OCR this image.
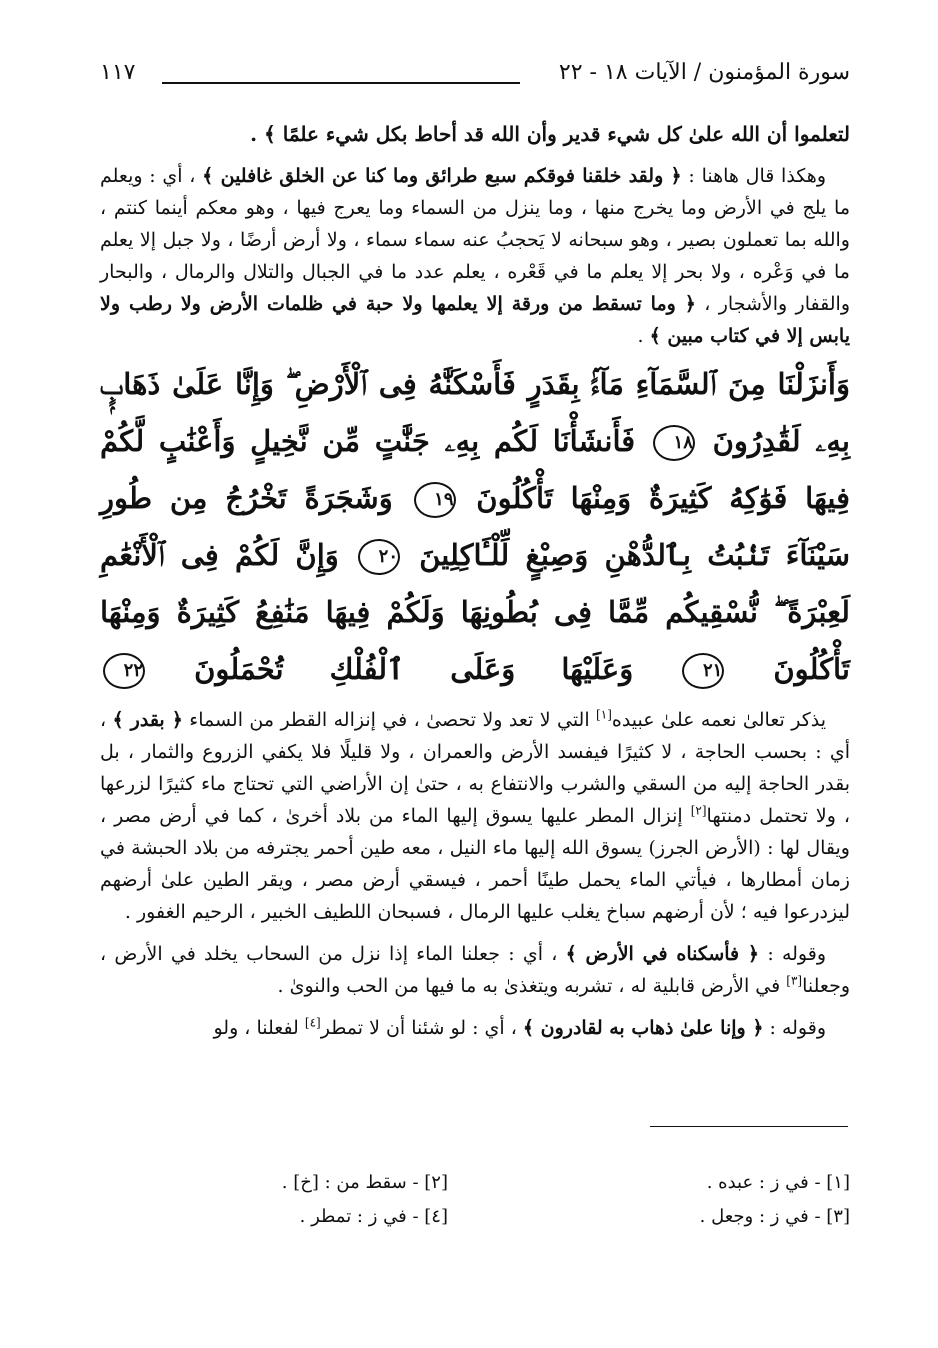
سورة المؤمنون / الآيات ١٨ - ٢٢
١١٧

لتعلموا أن الله علىٰ كل شيء قدير وأن الله قد أحاط بكل شيء علمًا ﴾ .

وهكذا قال هاهنا : ﴿ ولقد خلقنا فوقكم سبع طرائق وما كنا عن الخلق غافلين ﴾ ، أي : ويعلم ما يلج في الأرض وما يخرج منها ، وما ينزل من السماء وما يعرج فيها ، وهو معكم أينما كنتم ، والله بما تعملون بصير ، وهو سبحانه لا يَحجبُ عنه سماء سماء ، ولا أرض أرضًا ، ولا جبل إلا يعلم ما في وَعْره ، ولا بحر إلا يعلم ما في قَعْره ، يعلم عدد ما في الجبال والتلال والرمال ، والبحار والقفار والأشجار ، ﴿ وما تسقط من ورقة إلا يعلمها ولا حبة في ظلمات الأرض ولا رطب ولا يابس إلا في كتاب مبين ﴾ .

وَأَنزَلْنَا مِنَ ٱلسَّمَآءِ مَآءًۢ بِقَدَرٍ فَأَسْكَنَّٰهُ فِى ٱلْأَرْضِ ۖ وَإِنَّا عَلَىٰ ذَهَابٍۭ بِهِۦ لَقَٰدِرُونَ ١٨ فَأَنشَأْنَا لَكُم بِهِۦ جَنَّٰتٍ مِّن نَّخِيلٍ وَأَعْنَٰبٍ لَّكُمْ فِيهَا فَوَٰكِهُ كَثِيرَةٌ وَمِنْهَا تَأْكُلُونَ ١٩ وَشَجَرَةً تَخْرُجُ مِن طُورِ سَيْنَآءَ تَنۢبُتُ بِٱلدُّهْنِ وَصِبْغٍ لِّلْـَٔاكِلِينَ ٢٠ وَإِنَّ لَكُمْ فِى ٱلْأَنْعَٰمِ لَعِبْرَةً ۖ نُّسْقِيكُم مِّمَّا فِى بُطُونِهَا وَلَكُمْ فِيهَا مَنَٰفِعُ كَثِيرَةٌ وَمِنْهَا تَأْكُلُونَ ٢١ وَعَلَيْهَا وَعَلَى ٱلْفُلْكِ تُحْمَلُونَ ٢٢

يذكر تعالىٰ نعمه علىٰ عبيده[١] التي لا تعد ولا تحصىٰ ، في إنزاله القطر من السماء ﴿ بقدر ﴾ ، أي : بحسب الحاجة ، لا كثيرًا فيفسد الأرض والعمران ، ولا قليلًا فلا يكفي الزروع والثمار ، بل بقدر الحاجة إليه من السقي والشرب والانتفاع به ، حتىٰ إن الأراضي التي تحتاج ماء كثيرًا لزرعها ، ولا تحتمل دمنتها[٢] إنزال المطر عليها يسوق إليها الماء من بلاد أخرىٰ ، كما في أرض مصر ، ويقال لها : (الأرض الجرز) يسوق الله إليها ماء النيل ، معه طين أحمر يجترفه من بلاد الحبشة في زمان أمطارها ، فيأتي الماء يحمل طينًا أحمر ، فيسقي أرض مصر ، ويقر الطين علىٰ أرضهم ليزدرعوا فيه ؛ لأن أرضهم سباخ يغلب عليها الرمال ، فسبحان اللطيف الخبير ، الرحيم الغفور .

وقوله : ﴿ فأسكناه في الأرض ﴾ ، أي : جعلنا الماء إذا نزل من السحاب يخلد في الأرض ، وجعلنا[٣] في الأرض قابلية له ، تشربه ويتغذىٰ به ما فيها من الحب والنوىٰ .

وقوله : ﴿ وإنا علىٰ ذهاب به لقادرون ﴾ ، أي : لو شئنا أن لا تمطر[٤] لفعلنا ، ولو

[١] - في ز : عبده .
[٢] - سقط من : [خ] .
[٣] - في ز : وجعل .
[٤] - في ز : تمطر .
